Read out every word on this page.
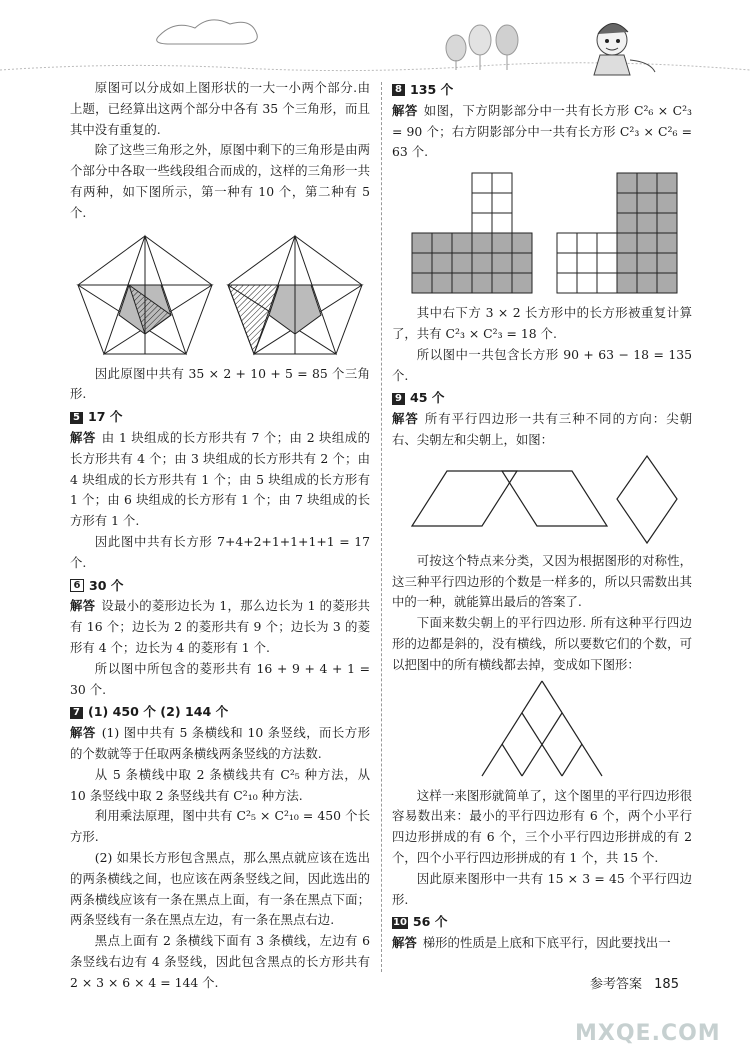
原图可以分成如上图形状的一大一小两个部分.由上题，已经算出这两个部分中各有 35 个三角形，而且其中没有重复的.

除了这些三角形之外，原图中剩下的三角形是由两个部分中各取一些线段组合而成的，这样的三角形一共有两种，如下图所示，第一种有 10 个，第二种有 5 个.

因此原图中共有 35 × 2 + 10 + 5 = 85 个三角形.

5 17 个

解答 由 1 块组成的长方形共有 7 个；由 2 块组成的长方形共有 4 个；由 3 块组成的长方形共有 2 个；由 4 块组成的长方形共有 1 个；由 5 块组成的长方形有 1 个；由 6 块组成的长方形有 1 个；由 7 块组成的长方形有 1 个.

因此图中共有长方形 7+4+2+1+1+1+1 = 17 个.

6 30 个

解答 设最小的菱形边长为 1，那么边长为 1 的菱形共有 16 个；边长为 2 的菱形共有 9 个；边长为 3 的菱形有 4 个；边长为 4 的菱形有 1 个.

所以图中所包含的菱形共有 16 + 9 + 4 + 1 = 30 个.

7 (1) 450 个 (2) 144 个

解答 (1) 图中共有 5 条横线和 10 条竖线，而长方形的个数就等于任取两条横线两条竖线的方法数.

从 5 条横线中取 2 条横线共有 C²₅ 种方法，从 10 条竖线中取 2 条竖线共有 C²₁₀ 种方法.

利用乘法原理，图中共有 C²₅ × C²₁₀ = 450 个长方形.

(2) 如果长方形包含黑点，那么黑点就应该在选出的两条横线之间，也应该在两条竖线之间，因此选出的两条横线应该有一条在黑点上面，有一条在黑点下面；两条竖线有一条在黑点左边，有一条在黑点右边.

黑点上面有 2 条横线下面有 3 条横线，左边有 6 条竖线右边有 4 条竖线，因此包含黑点的长方形共有 2 × 3 × 6 × 4 = 144 个.

8 135 个

解答 如图，下方阴影部分中一共有长方形 C²₆ × C²₃ = 90 个；右方阴影部分中一共有长方形 C²₃ × C²₆ = 63 个.

其中右下方 3 × 2 长方形中的长方形被重复计算了，共有 C²₃ × C²₃ = 18 个.

所以图中一共包含长方形 90 + 63 − 18 = 135 个.

9 45 个

解答 所有平行四边形一共有三种不同的方向：尖朝右、尖朝左和尖朝上，如图：

可按这个特点来分类，又因为根据图形的对称性，这三种平行四边形的个数是一样多的，所以只需数出其中的一种，就能算出最后的答案了.

下面来数尖朝上的平行四边形. 所有这种平行四边形的边都是斜的，没有横线，所以要数它们的个数，可以把图中的所有横线都去掉，变成如下图形：

这样一来图形就简单了，这个图里的平行四边形很容易数出来：最小的平行四边形有 6 个，两个小平行四边形拼成的有 6 个，三个小平行四边形拼成的有 2 个，四个小平行四边形拼成的有 1 个，共 15 个.

因此原来图形中一共有 15 × 3 = 45 个平行四边形.

10 56 个

解答 梯形的性质是上底和下底平行，因此要找出一

参考答案 185
MXQE.COM
